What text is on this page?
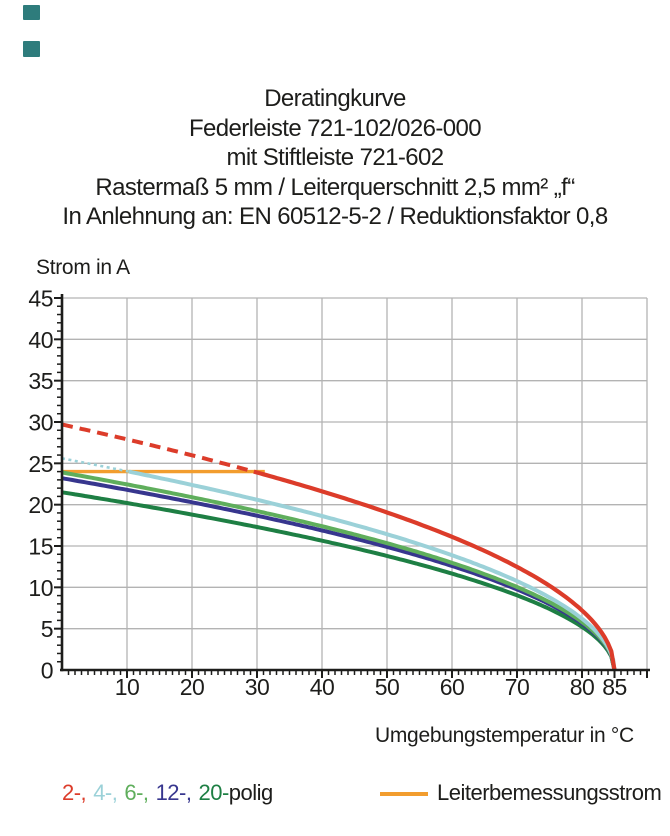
Deratingkurve
Federleiste 721-102/026-000
mit Stiftleiste 721-602
Rastermaß 5 mm / Leiterquerschnitt 2,5 mm² „f“
In Anlehnung an: EN 60512-5-2 / Reduktionsfaktor 0,8
Strom in A
0
5
10
15
20
25
30
35
40
45
10 20 30 40 50 60 70 80 85
Umgebungstemperatur in °C
2-, 4-, 6-, 12-, 20-polig	Leiterbemessungsstrom
